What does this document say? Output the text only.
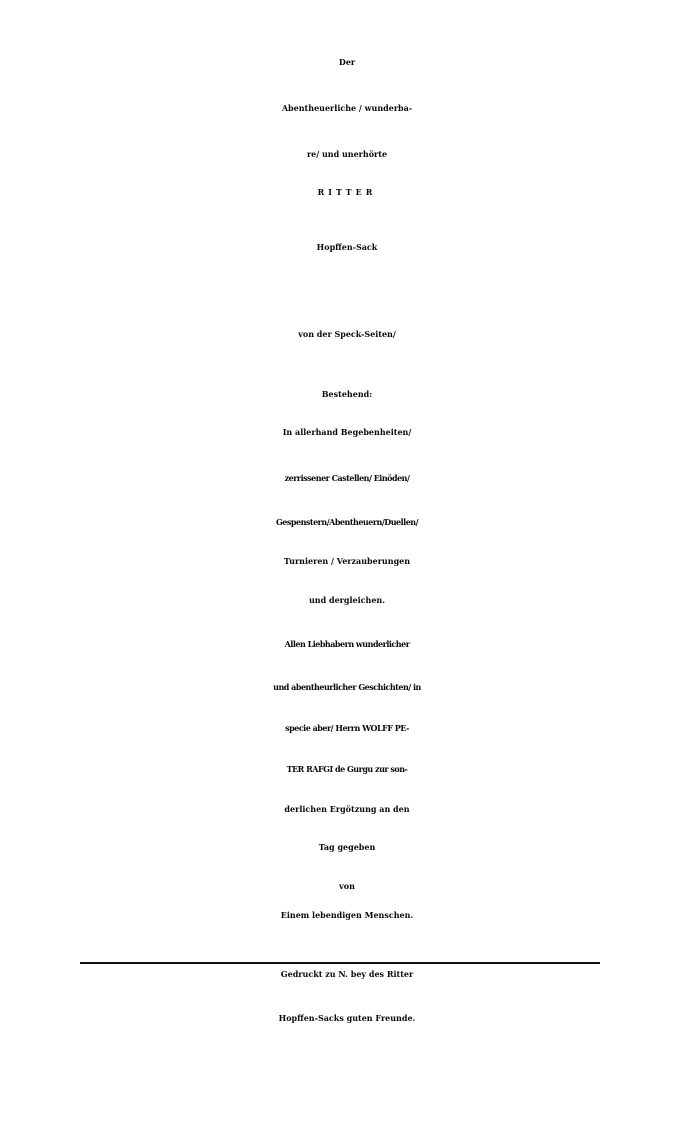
Der
Abentheuerliche / wunderba-
re/ und unerhörte
RITTER
Hopffen-Sack
von der Speck-Seiten/
Bestehend:
In allerhand Begebenheiten/
zerrissener Castellen/ Einöden/
Gespenstern/Abentheuern/Duellen/
Turnieren / Verzauberungen
und dergleichen.
Allen Liebhabern wunderlicher
und abentheurlicher Geschichten/ in
specie aber/ Herrn WOLFF PE-
TER RAFGI de Gurgu zur son-
derlichen Ergötzung an den
Tag gegeben
von
Einem lebendigen Menschen.
Gedruckt zu N. bey des Ritter
Hopffen-Sacks guten Freunde.
